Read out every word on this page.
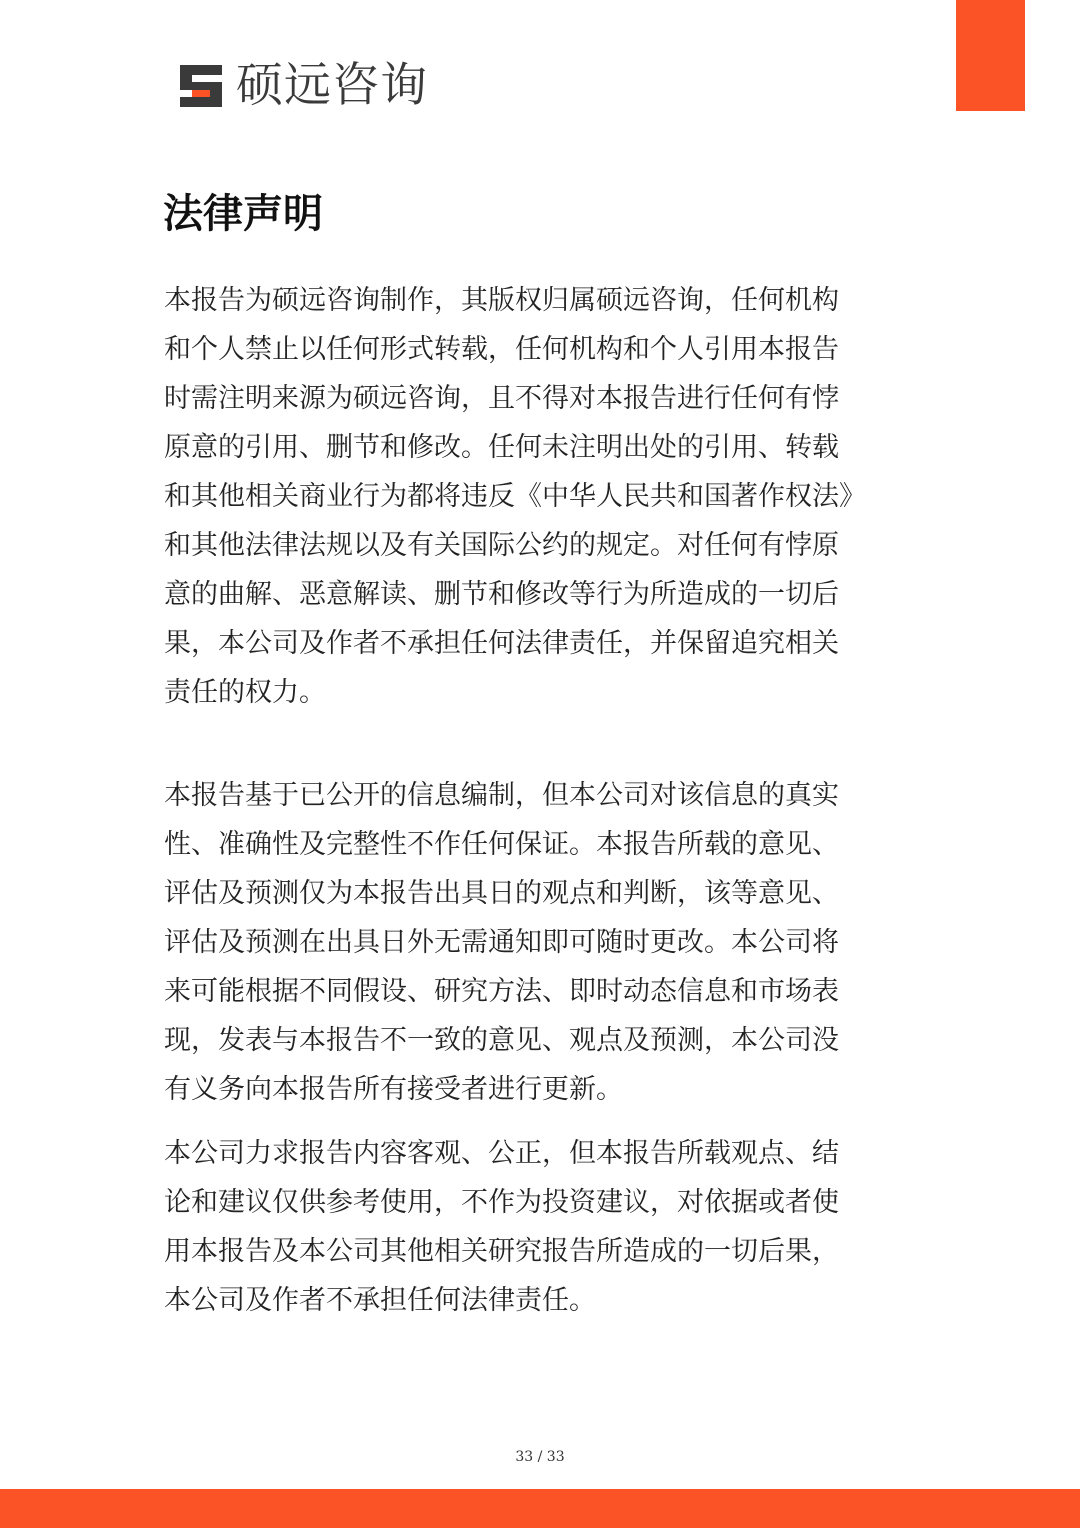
硕远咨询
法律声明

本报告为硕远咨询制作，其版权归属硕远咨询，任何机构
和个人禁止以任何形式转载，任何机构和个人引用本报告
时需注明来源为硕远咨询，且不得对本报告进行任何有悖
原意的引用、删节和修改。任何未注明出处的引用、转载
和其他相关商业行为都将违反《中华人民共和国著作权法》
和其他法律法规以及有关国际公约的规定。对任何有悖原
意的曲解、恶意解读、删节和修改等行为所造成的一切后
果，本公司及作者不承担任何法律责任，并保留追究相关
责任的权力。

本报告基于已公开的信息编制，但本公司对该信息的真实
性、准确性及完整性不作任何保证。本报告所载的意见、
评估及预测仅为本报告出具日的观点和判断，该等意见、
评估及预测在出具日外无需通知即可随时更改。本公司将
来可能根据不同假设、研究方法、即时动态信息和市场表
现，发表与本报告不一致的意见、观点及预测，本公司没
有义务向本报告所有接受者进行更新。

本公司力求报告内容客观、公正，但本报告所载观点、结
论和建议仅供参考使用，不作为投资建议，对依据或者使
用本报告及本公司其他相关研究报告所造成的一切后果，
本公司及作者不承担任何法律责任。

33 / 33
